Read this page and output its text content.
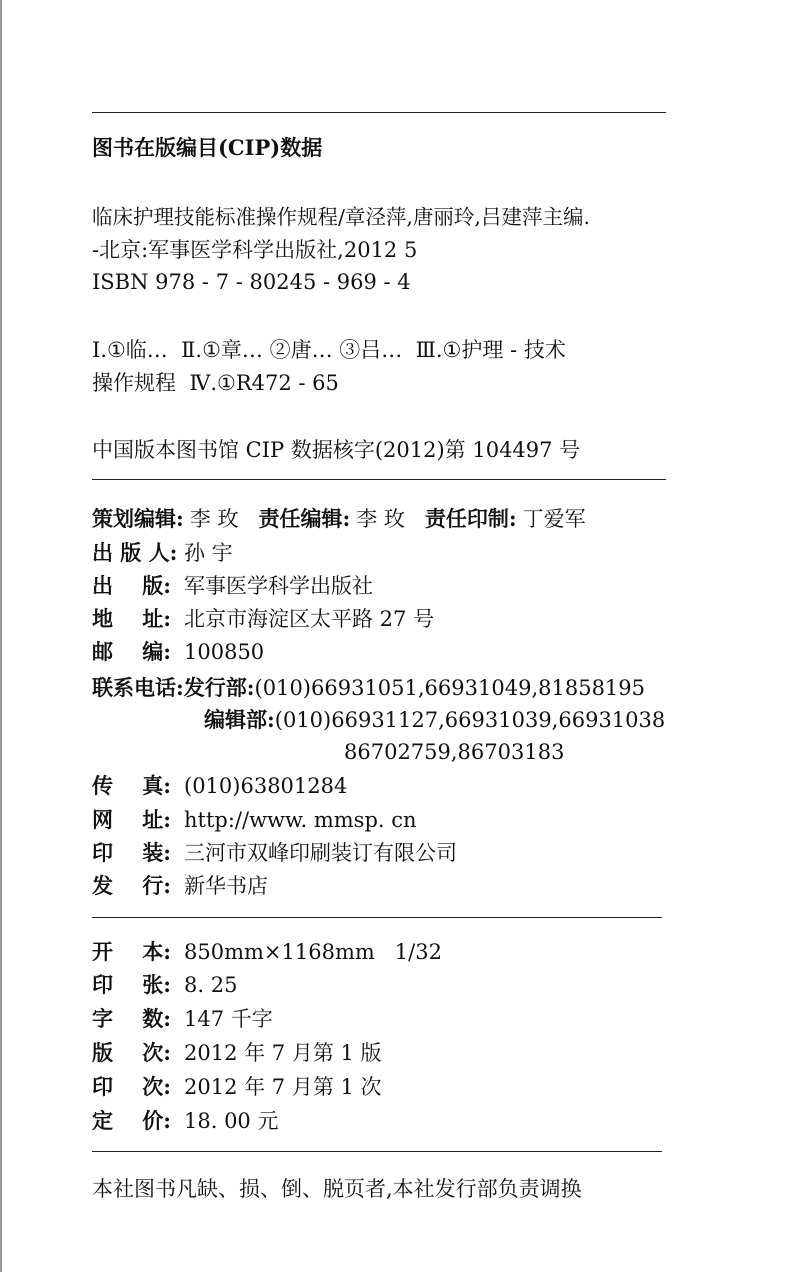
图书在版编目(CIP)数据
临床护理技能标准操作规程/章泾萍,唐丽玲,吕建萍主编.
-北京:军事医学科学出版社,2012 5
ISBN 978 - 7 - 80245 - 969 - 4
Ⅰ.①临…  Ⅱ.①章… ②唐… ③吕…  Ⅲ.①护理 - 技术
操作规程  Ⅳ.①R472 - 65
中国版本图书馆 CIP 数据核字(2012)第 104497 号
策划编辑: 李 玫 责任编辑: 李 玫 责任印制: 丁爱军
出 版 人: 孙 宇
出    版: 军事医学科学出版社
地    址: 北京市海淀区太平路 27 号
邮    编: 100850
联系电话:发行部:(010)66931051,66931049,81858195
编辑部:(010)66931127,66931039,66931038
86702759,86703183
传    真: (010)63801284
网    址: http://www. mmsp. cn
印    装: 三河市双峰印刷装订有限公司
发    行: 新华书店
开    本: 850mm×1168mm   1/32
印    张: 8. 25
字    数: 147 千字
版    次: 2012 年 7 月第 1 版
印    次: 2012 年 7 月第 1 次
定    价: 18. 00 元
本社图书凡缺、损、倒、脱页者,本社发行部负责调换
